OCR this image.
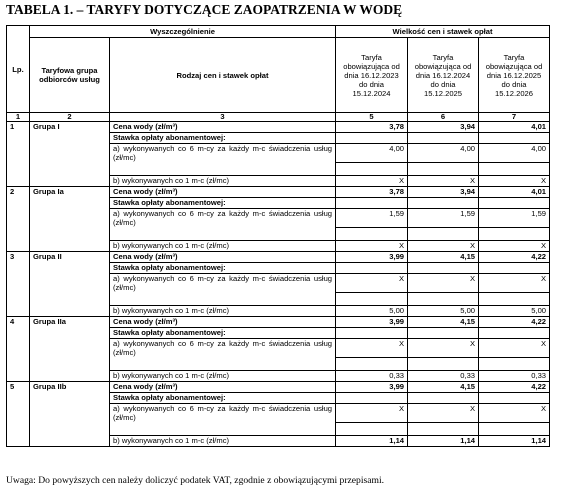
TABELA 1. – TARYFY DOTYCZĄCE ZAOPATRZENIA W WODĘ
Lp.	Wyszczególnienie		Wielkość cen i stawek opłat		
	Taryfowa grupa odbiorców usług	Rodzaj cen i stawek opłat	Taryfa obowiązująca od dnia 16.12.2023 do dnia 15.12.2024	Taryfa obowiązująca od dnia 16.12.2024 do dnia 15.12.2025	Taryfa obowiązująca od dnia 16.12.2025 do dnia 15.12.2026
1	2	3	5	6	7
1	Grupa I	Cena wody (zł/m³)	3,78	3,94	4,01
		Stawka opłaty abonamentowej:			
		a) wykonywanych co 6 m-cy za każdy m-c świadczenia usług (zł/mc)	4,00	4,00	4,00

		b) wykonywanych co 1 m-c (zł/mc)	X	X	X
2	Grupa Ia	Cena wody (zł/m³)	3,78	3,94	4,01
		Stawka opłaty abonamentowej:			
		a) wykonywanych co 6 m-cy za każdy m-c świadczenia usług (zł/mc)	1,59	1,59	1,59

		b) wykonywanych co 1 m-c (zł/mc)	X	X	X
3	Grupa II	Cena wody (zł/m³)	3,99	4,15	4,22
		Stawka opłaty abonamentowej:			
		a) wykonywanych co 6 m-cy za każdy m-c świadczenia usług (zł/mc)	X	X	X

		b) wykonywanych co 1 m-c (zł/mc)	5,00	5,00	5,00
4	Grupa IIa	Cena wody (zł/m³)	3,99	4,15	4,22
		Stawka opłaty abonamentowej:			
		a) wykonywanych co 6 m-cy za każdy m-c świadczenia usług (zł/mc)	X	X	X

		b) wykonywanych co 1 m-c (zł/mc)	0,33	0,33	0,33
5	Grupa IIb	Cena wody (zł/m³)	3,99	4,15	4,22
		Stawka opłaty abonamentowej:			
		a) wykonywanych co 6 m-cy za każdy m-c świadczenia usług (zł/mc)	X	X	X

		b) wykonywanych co 1 m-c (zł/mc)	1,14	1,14	1,14
Uwaga: Do powyższych cen należy doliczyć podatek VAT, zgodnie z obowiązującymi przepisami.
